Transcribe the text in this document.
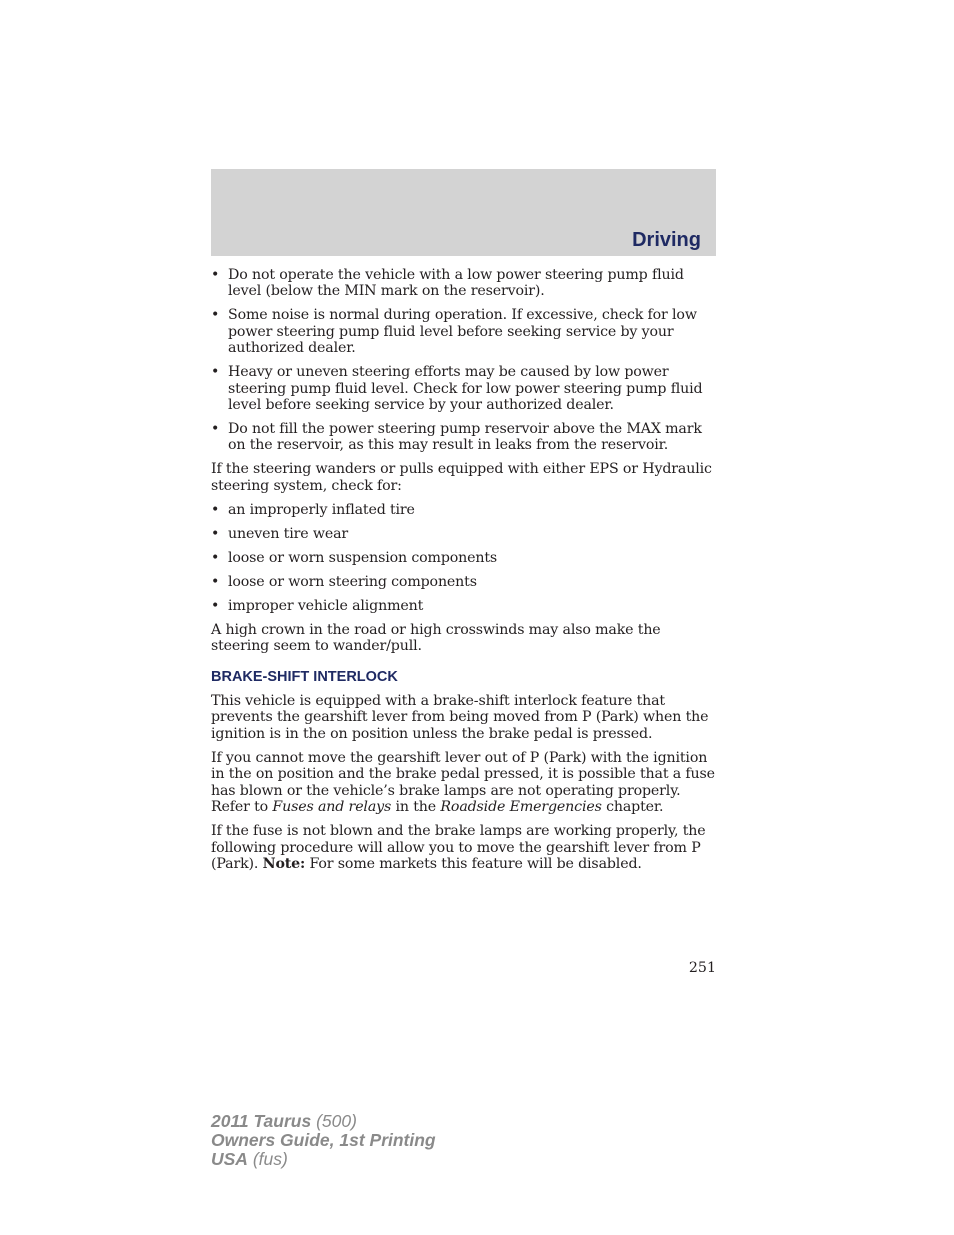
Driving
• Do not operate the vehicle with a low power steering pump fluid level (below the MIN mark on the reservoir).
• Some noise is normal during operation. If excessive, check for low power steering pump fluid level before seeking service by your authorized dealer.
• Heavy or uneven steering efforts may be caused by low power steering pump fluid level. Check for low power steering pump fluid level before seeking service by your authorized dealer.
• Do not fill the power steering pump reservoir above the MAX mark on the reservoir, as this may result in leaks from the reservoir.

If the steering wanders or pulls equipped with either EPS or Hydraulic steering system, check for:

• an improperly inflated tire
• uneven tire wear
• loose or worn suspension components
• loose or worn steering components
• improper vehicle alignment

A high crown in the road or high crosswinds may also make the steering seem to wander/pull.

BRAKE-SHIFT INTERLOCK

This vehicle is equipped with a brake-shift interlock feature that prevents the gearshift lever from being moved from P (Park) when the ignition is in the on position unless the brake pedal is pressed.

If you cannot move the gearshift lever out of P (Park) with the ignition in the on position and the brake pedal pressed, it is possible that a fuse has blown or the vehicle’s brake lamps are not operating properly. Refer to Fuses and relays in the Roadside Emergencies chapter.

If the fuse is not blown and the brake lamps are working properly, the following procedure will allow you to move the gearshift lever from P (Park). Note: For some markets this feature will be disabled.

251

2011 Taurus (500)
Owners Guide, 1st Printing
USA (fus)
